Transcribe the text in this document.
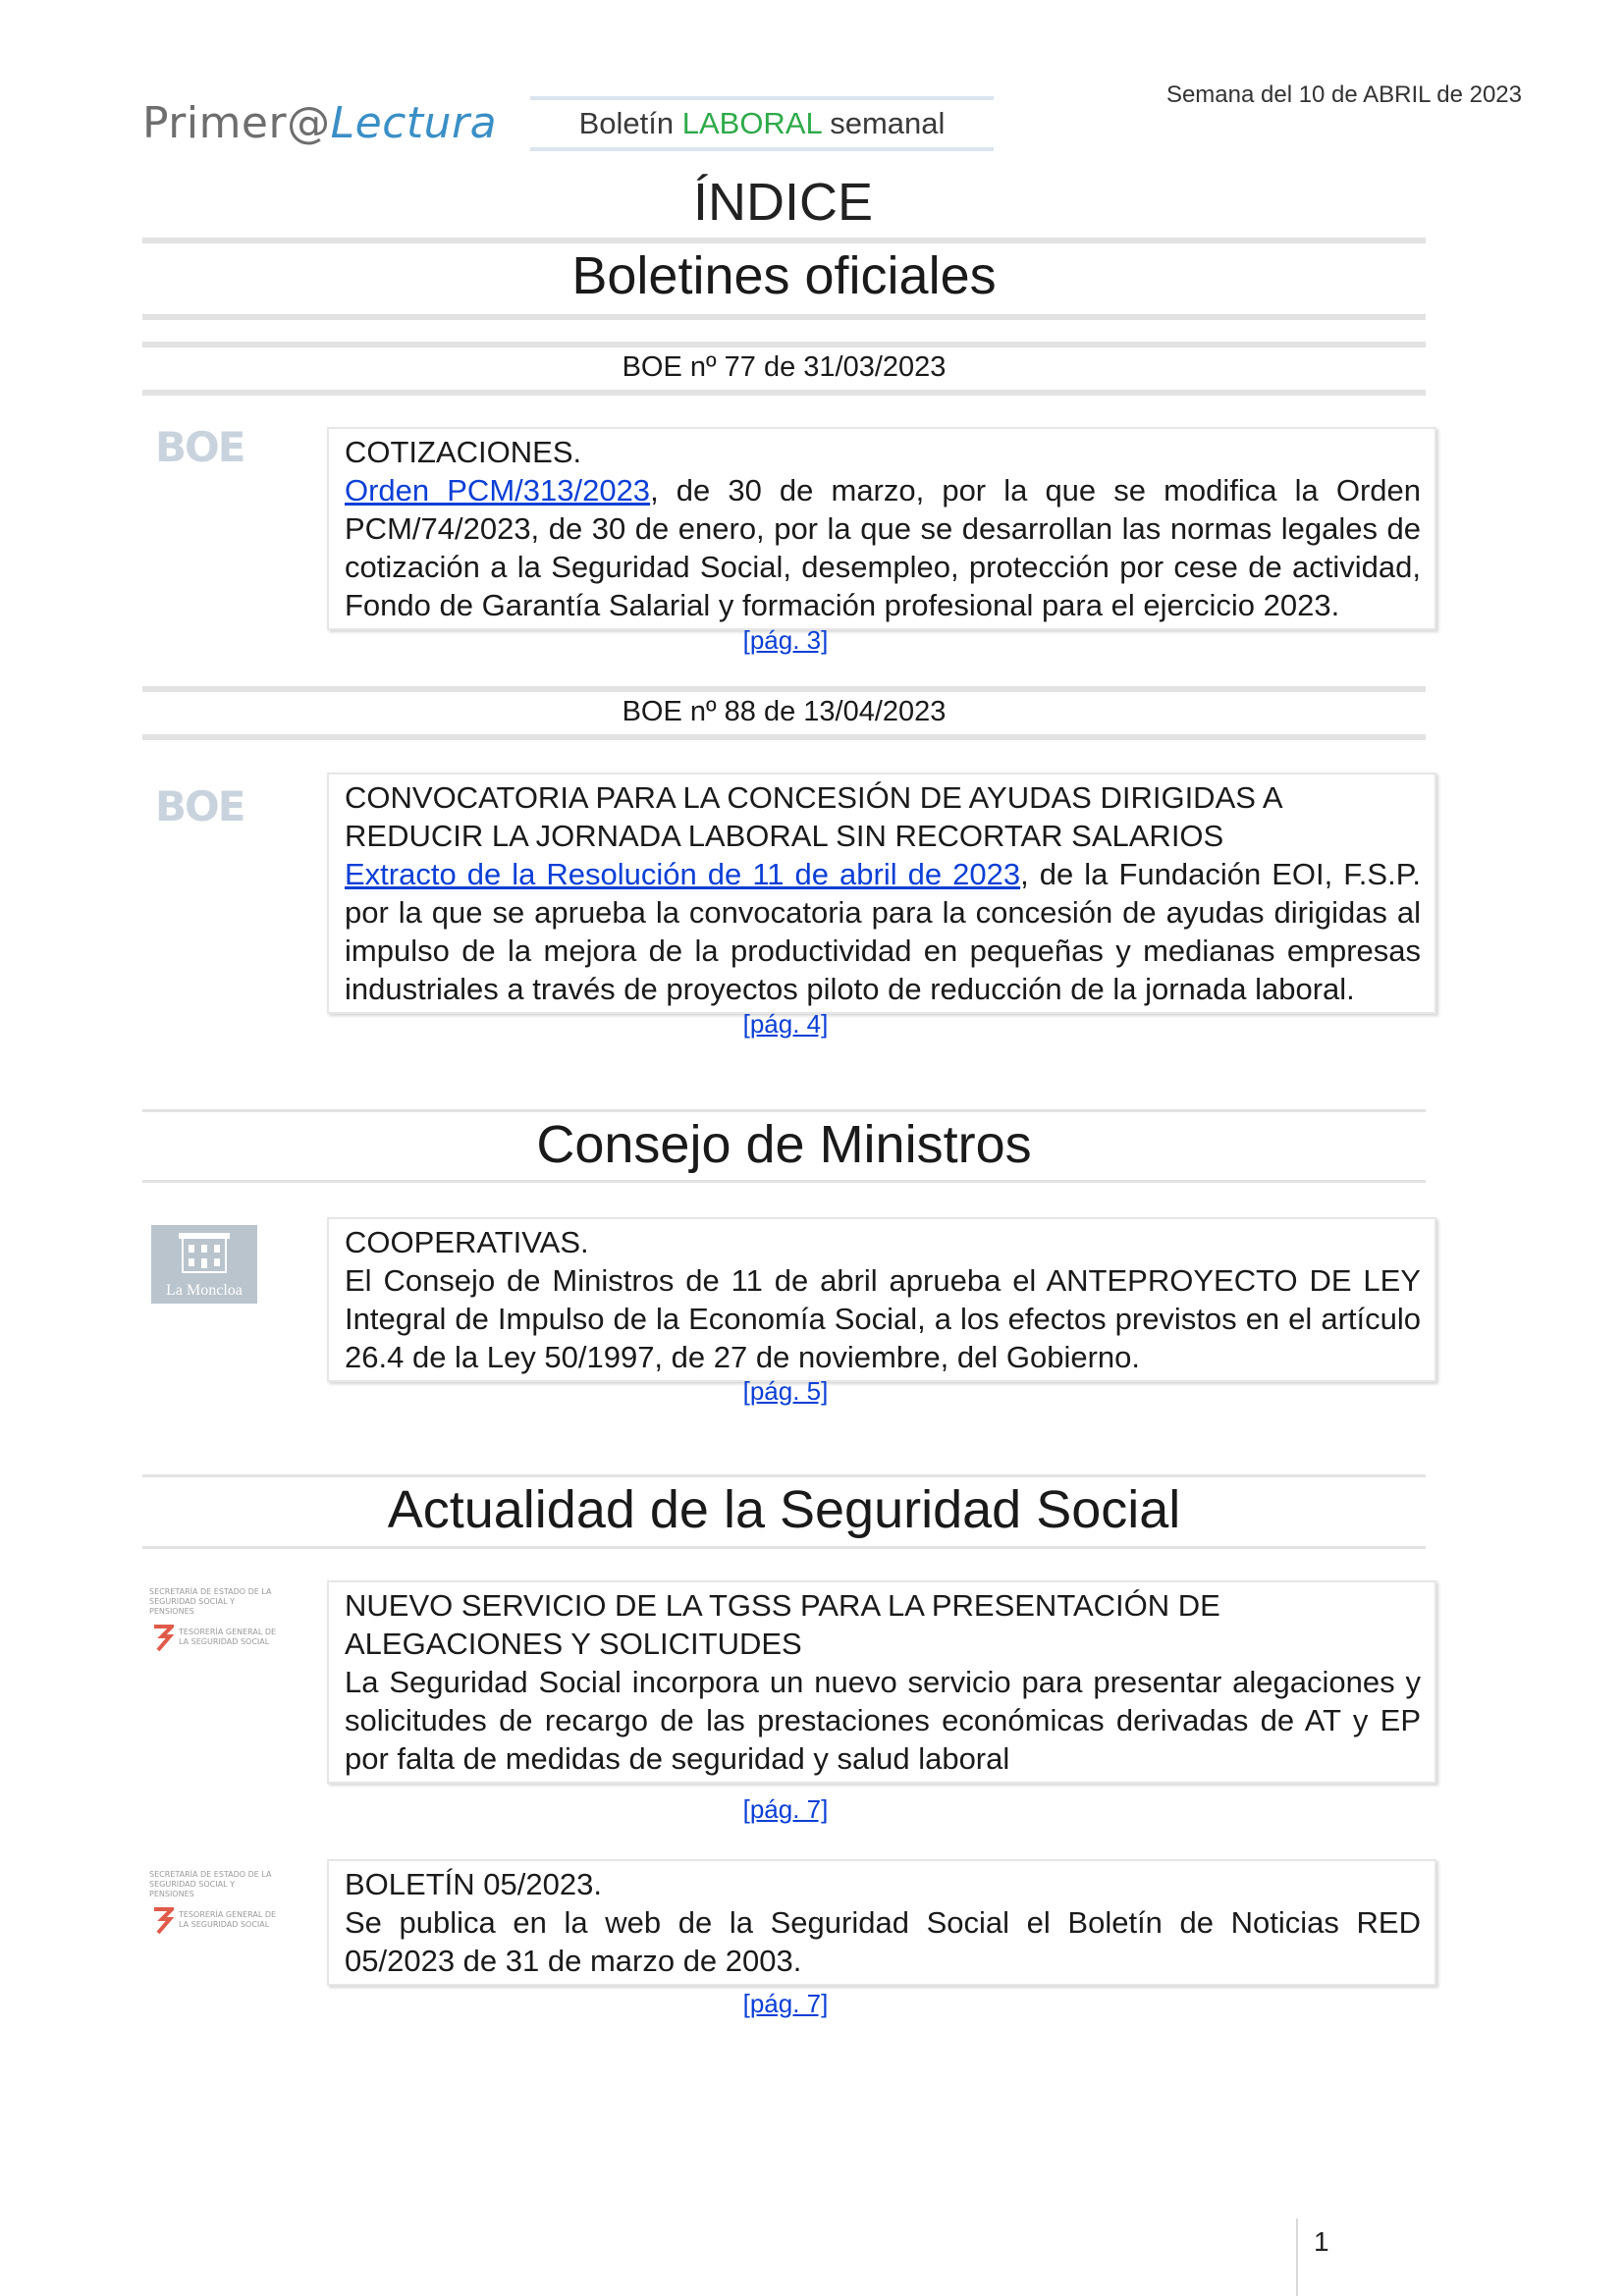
Primer@Lectura	Boletín LABORAL semanal
Semana del 10 de ABRIL de 2023
ÍNDICE
Boletines oficiales
BOE nº 77 de 31/03/2023
BOE	COTIZACIONES.
Orden PCM/313/2023, de 30 de marzo, por la que se modifica la Orden PCM/74/2023, de 30 de enero, por la que se desarrollan las normas legales de cotización a la Seguridad Social, desempleo, protección por cese de actividad, Fondo de Garantía Salarial y formación profesional para el ejercicio 2023.
[pág. 3]
BOE nº 88 de 13/04/2023
BOE	CONVOCATORIA PARA LA CONCESIÓN DE AYUDAS DIRIGIDAS A REDUCIR LA JORNADA LABORAL SIN RECORTAR SALARIOS
Extracto de la Resolución de 11 de abril de 2023, de la Fundación EOI, F.S.P. por la que se aprueba la convocatoria para la concesión de ayudas dirigidas al impulso de la mejora de la productividad en pequeñas y medianas empresas industriales a través de proyectos piloto de reducción de la jornada laboral.
[pág. 4]
Consejo de Ministros
La Moncloa
COOPERATIVAS.
El Consejo de Ministros de 11 de abril aprueba el ANTEPROYECTO DE LEY Integral de Impulso de la Economía Social, a los efectos previstos en el artículo 26.4 de la Ley 50/1997, de 27 de noviembre, del Gobierno.
[pág. 5]
Actualidad de la Seguridad Social
SECRETARÍA DE ESTADO DE LA SEGURIDAD SOCIAL Y PENSIONES
TESORERÍA GENERAL DE LA SEGURIDAD SOCIAL
NUEVO SERVICIO DE LA TGSS PARA LA PRESENTACIÓN DE ALEGACIONES Y SOLICITUDES
La Seguridad Social incorpora un nuevo servicio para presentar alegaciones y solicitudes de recargo de las prestaciones económicas derivadas de AT y EP por falta de medidas de seguridad y salud laboral
[pág. 7]
SECRETARÍA DE ESTADO DE LA SEGURIDAD SOCIAL Y PENSIONES
TESORERÍA GENERAL DE LA SEGURIDAD SOCIAL
BOLETÍN 05/2023.
Se publica en la web de la Seguridad Social el Boletín de Noticias RED 05/2023 de 31 de marzo de 2003.
[pág. 7]
1
